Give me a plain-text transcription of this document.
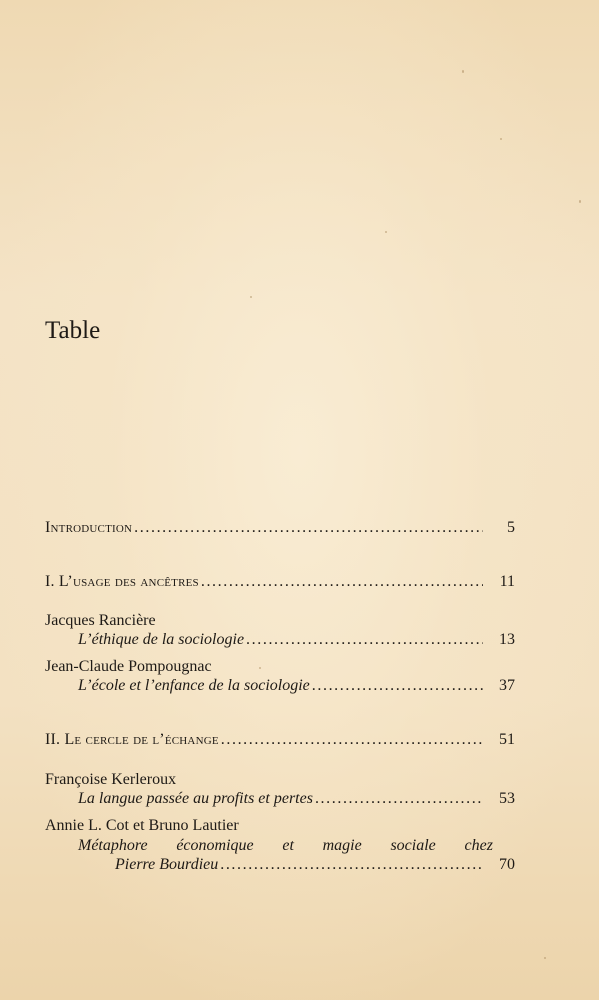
Table
Introduction .....	5
I. L’usage des ancêtres .....	11
Jacques Rancière
L’éthique de la sociologie .....	13
Jean-Claude Pompougnac
L’école et l’enfance de la sociologie .....	37
II. Le cercle de l’échange .....	51
Françoise Kerleroux
La langue passée au profits et pertes .....	53
Annie L. Cot et Bruno Lautier
Métaphore économique et magie sociale chez
Pierre Bourdieu .....	70
